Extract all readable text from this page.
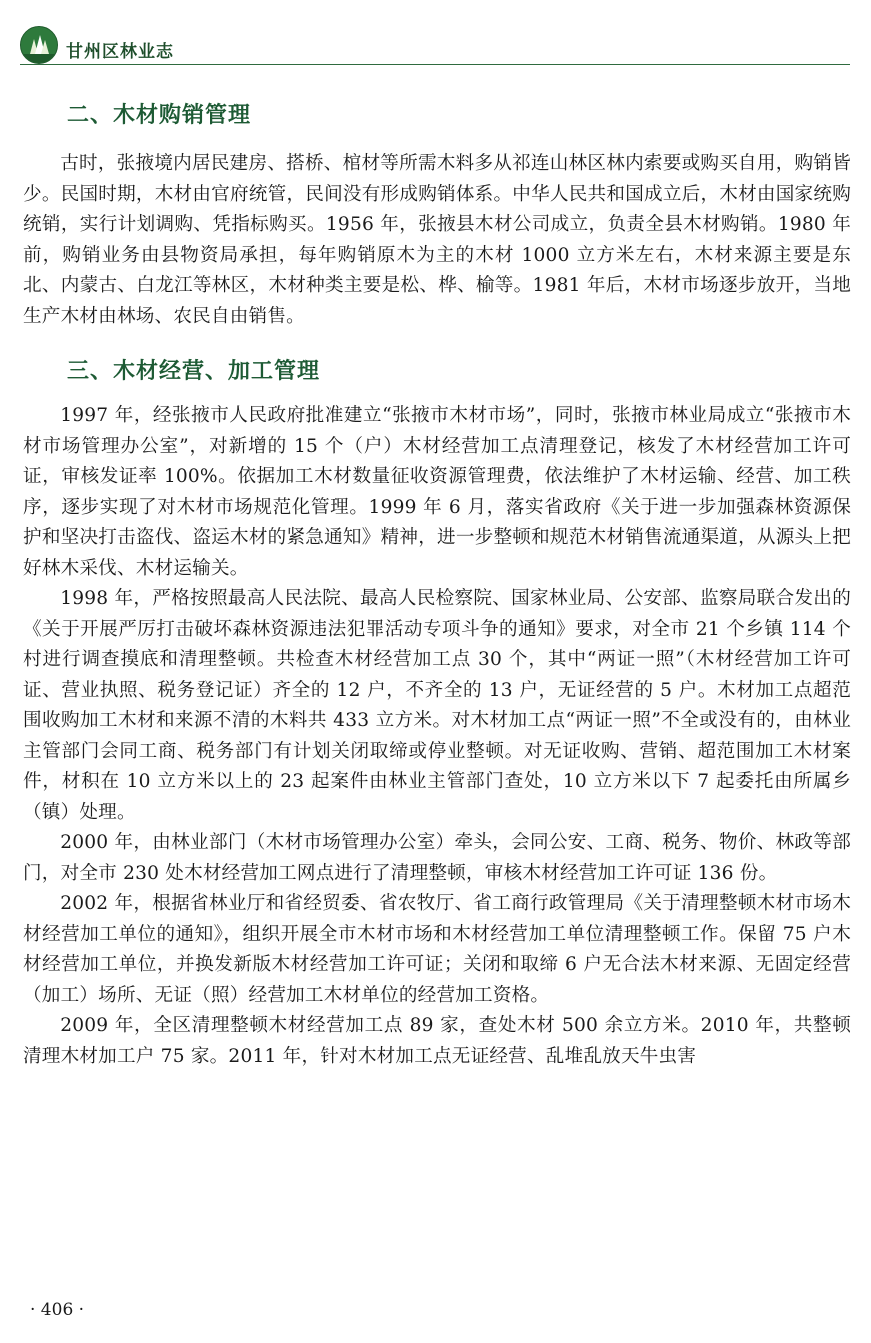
甘州区林业志
二、木材购销管理

古时，张掖境内居民建房、搭桥、棺材等所需木料多从祁连山林区林内索要或购买自用，购销皆少。民国时期，木材由官府统管，民间没有形成购销体系。中华人民共和国成立后，木材由国家统购统销，实行计划调购、凭指标购买。1956 年，张掖县木材公司成立，负责全县木材购销。1980 年前，购销业务由县物资局承担，每年购销原木为主的木材 1000 立方米左右，木材来源主要是东北、内蒙古、白龙江等林区，木材种类主要是松、桦、榆等。1981 年后，木材市场逐步放开，当地生产木材由林场、农民自由销售。

三、木材经营、加工管理

1997 年，经张掖市人民政府批准建立“张掖市木材市场”，同时，张掖市林业局成立“张掖市木材市场管理办公室”，对新增的 15 个（户）木材经营加工点清理登记，核发了木材经营加工许可证，审核发证率 100%。依据加工木材数量征收资源管理费，依法维护了木材运输、经营、加工秩序，逐步实现了对木材市场规范化管理。1999 年 6 月，落实省政府《关于进一步加强森林资源保护和坚决打击盗伐、盗运木材的紧急通知》精神，进一步整顿和规范木材销售流通渠道，从源头上把好林木采伐、木材运输关。

1998 年，严格按照最高人民法院、最高人民检察院、国家林业局、公安部、监察局联合发出的《关于开展严厉打击破坏森林资源违法犯罪活动专项斗争的通知》要求，对全市 21 个乡镇 114 个村进行调查摸底和清理整顿。共检查木材经营加工点 30 个，其中“两证一照”（木材经营加工许可证、营业执照、税务登记证）齐全的 12 户，不齐全的 13 户，无证经营的 5 户。木材加工点超范围收购加工木材和来源不清的木料共 433 立方米。对木材加工点“两证一照”不全或没有的，由林业主管部门会同工商、税务部门有计划关闭取缔或停业整顿。对无证收购、营销、超范围加工木材案件，材积在 10 立方米以上的 23 起案件由林业主管部门查处，10 立方米以下 7 起委托由所属乡（镇）处理。

2000 年，由林业部门（木材市场管理办公室）牵头，会同公安、工商、税务、物价、林政等部门，对全市 230 处木材经营加工网点进行了清理整顿，审核木材经营加工许可证 136 份。

2002 年，根据省林业厅和省经贸委、省农牧厅、省工商行政管理局《关于清理整顿木材市场木材经营加工单位的通知》，组织开展全市木材市场和木材经营加工单位清理整顿工作。保留 75 户木材经营加工单位，并换发新版木材经营加工许可证；关闭和取缔 6 户无合法木材来源、无固定经营（加工）场所、无证（照）经营加工木材单位的经营加工资格。

2009 年，全区清理整顿木材经营加工点 89 家，查处木材 500 余立方米。2010 年，共整顿清理木材加工户 75 家。2011 年，针对木材加工点无证经营、乱堆乱放天牛虫害

· 406 ·
